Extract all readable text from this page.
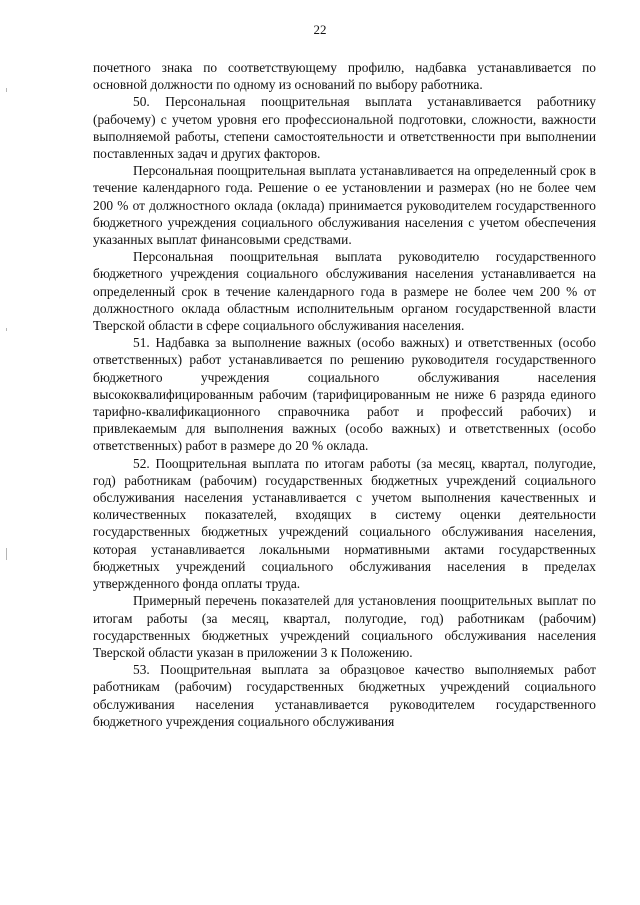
22

почетного знака по соответствующему профилю, надбавка устанавливается по основной должности по одному из оснований по выбору работника.

50. Персональная поощрительная выплата устанавливается работнику (рабочему) с учетом уровня его профессиональной подготовки, сложности, важности выполняемой работы, степени самостоятельности и ответственности при выполнении поставленных задач и других факторов.

Персональная поощрительная выплата устанавливается на определенный срок в течение календарного года. Решение о ее установлении и размерах (но не более чем 200 % от должностного оклада (оклада) принимается руководителем государственного бюджетного учреждения социального обслуживания населения с учетом обеспечения указанных выплат финансовыми средствами.

Персональная поощрительная выплата руководителю государственного бюджетного учреждения социального обслуживания населения устанавливается на определенный срок в течение календарного года в размере не более чем 200 % от должностного оклада областным исполнительным органом государственной власти Тверской области в сфере социального обслуживания населения.

51. Надбавка за выполнение важных (особо важных) и ответственных (особо ответственных) работ устанавливается по решению руководителя государственного бюджетного учреждения социального обслуживания населения высококвалифицированным рабочим (тарифицированным не ниже 6 разряда единого тарифно-квалификационного справочника работ и профессий рабочих) и привлекаемым для выполнения важных (особо важных) и ответственных (особо ответственных) работ в размере до 20 % оклада.

52. Поощрительная выплата по итогам работы (за месяц, квартал, полугодие, год) работникам (рабочим) государственных бюджетных учреждений социального обслуживания населения устанавливается с учетом выполнения качественных и количественных показателей, входящих в систему оценки деятельности государственных бюджетных учреждений социального обслуживания населения, которая устанавливается локальными нормативными актами государственных бюджетных учреждений социального обслуживания населения в пределах утвержденного фонда оплаты труда.

Примерный перечень показателей для установления поощрительных выплат по итогам работы (за месяц, квартал, полугодие, год) работникам (рабочим) государственных бюджетных учреждений социального обслуживания населения Тверской области указан в приложении 3 к Положению.

53. Поощрительная выплата за образцовое качество выполняемых работ работникам (рабочим) государственных бюджетных учреждений социального обслуживания населения устанавливается руководителем государственного бюджетного учреждения социального обслуживания
